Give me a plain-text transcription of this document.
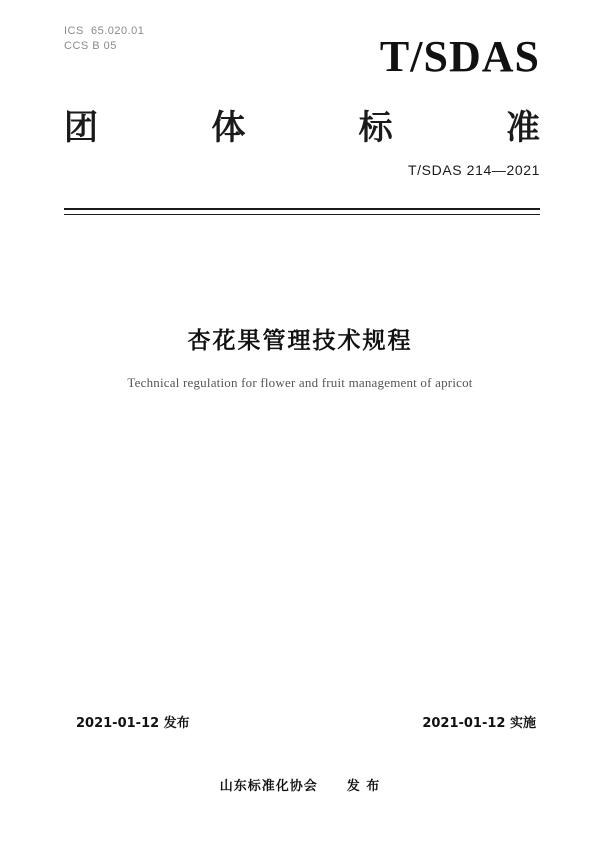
ICS  65.020.01
CCS B 05	T/SDAS
团	体	标	准
T/SDAS 214—2021
杏花果管理技术规程
Technical regulation for flower and fruit management of apricot
2021-01-12 发布	2021-01-12 实施
山东标准化协会 发 布
